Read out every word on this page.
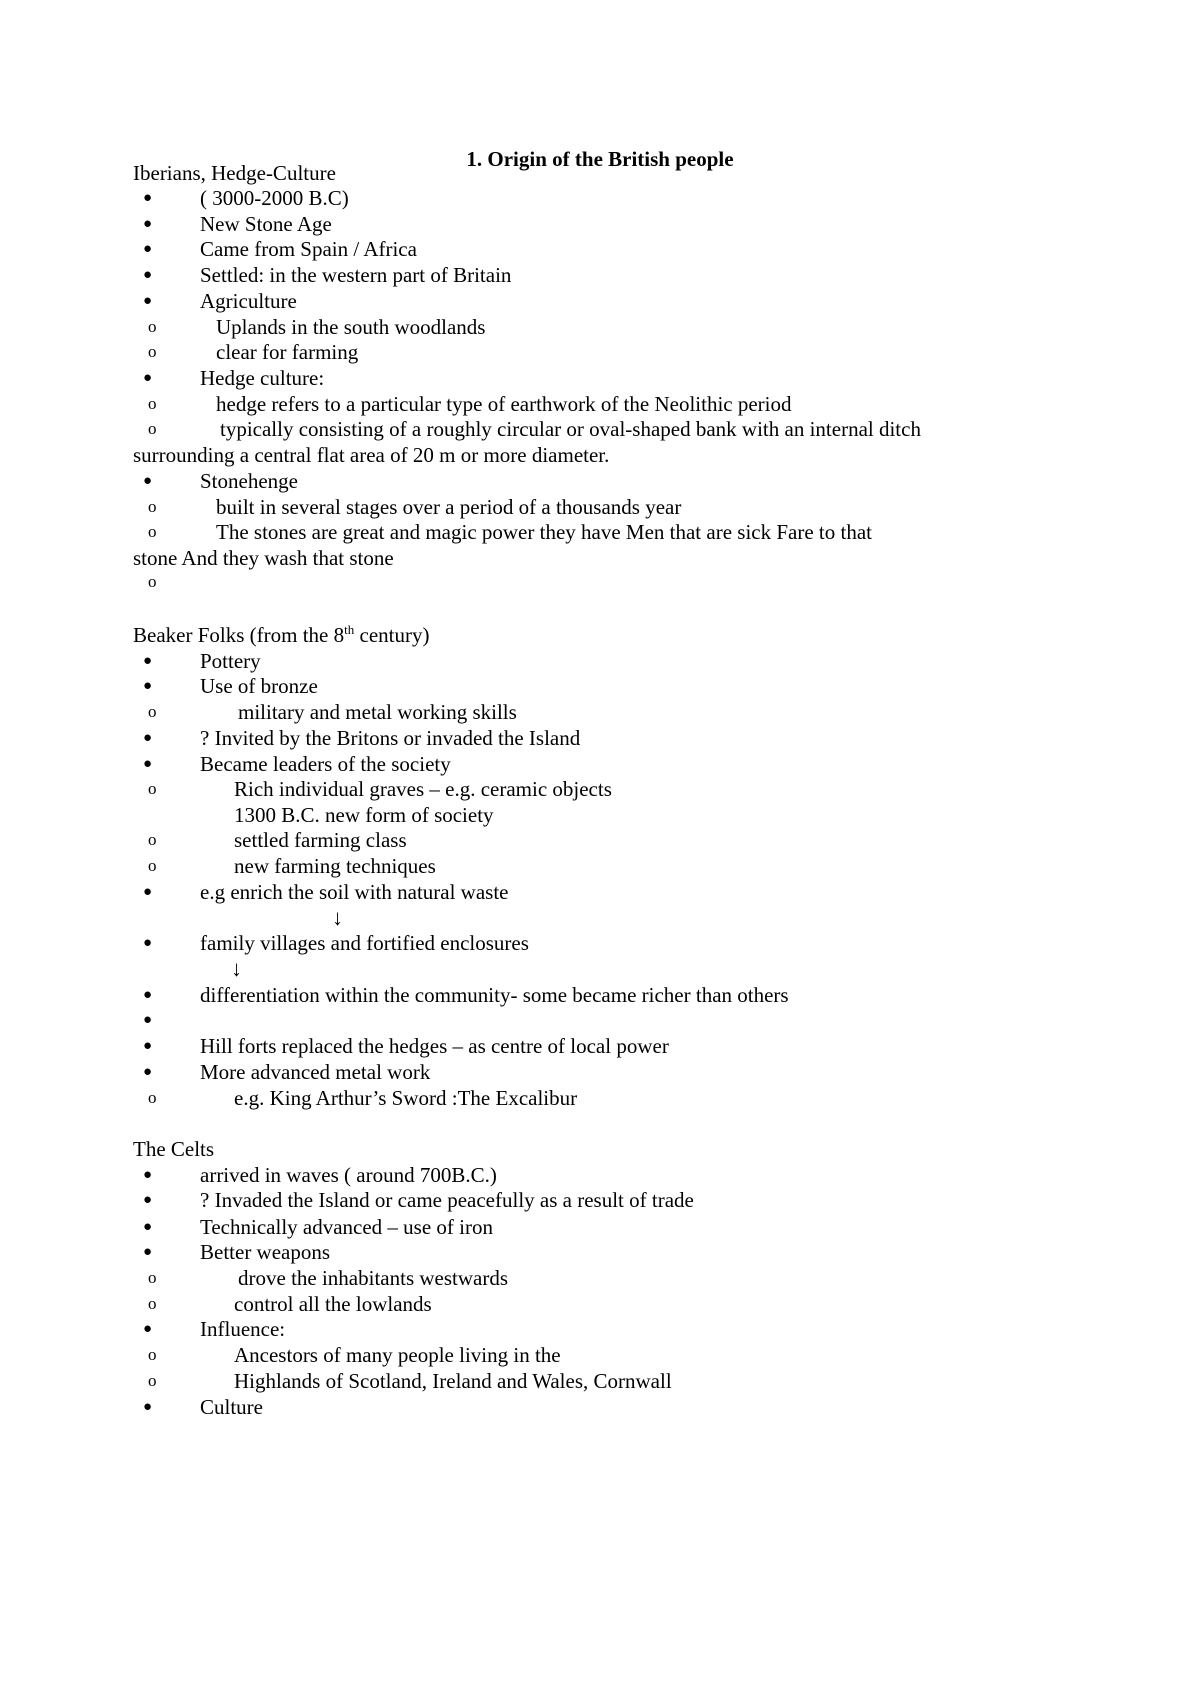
1. Origin of the British people
Iberians, Hedge-Culture
● ( 3000-2000 B.C)
● New Stone Age
● Came from Spain / Africa
● Settled: in the western part of Britain
● Agriculture
o	Uplands in the south woodlands
o	clear for farming
● Hedge culture:
o	hedge refers to a particular type of earthwork of the Neolithic period
o	typically consisting of a roughly circular or oval-shaped bank with an internal ditch
surrounding a central flat area of 20 m or more diameter.
● Stonehenge
o	built in several stages over a period of a thousands year
o	The stones are great and magic power they have Men that are sick Fare to that
stone And they wash that stone
o
Beaker Folks (from the 8th century)
● Pottery
● Use of bronze
o	military and metal working skills
● ? Invited by the Britons or invaded the Island
● Became leaders of the society
o	Rich individual graves – e.g. ceramic objects
1300 B.C. new form of society
o	settled farming class
o	new farming techniques
● e.g enrich the soil with natural waste
↓
● family villages and fortified enclosures
↓
● differentiation within the community- some became richer than others
●
● Hill forts replaced the hedges – as centre of local power
● More advanced metal work
o	e.g. King Arthur’s Sword :The Excalibur
The Celts
● arrived in waves ( around 700B.C.)
● ? Invaded the Island or came peacefully as a result of trade
● Technically advanced – use of iron
● Better weapons
o	drove the inhabitants westwards
o	control all the lowlands
● Influence:
o	Ancestors of many people living in the
o	Highlands of Scotland, Ireland and Wales, Cornwall
● Culture
